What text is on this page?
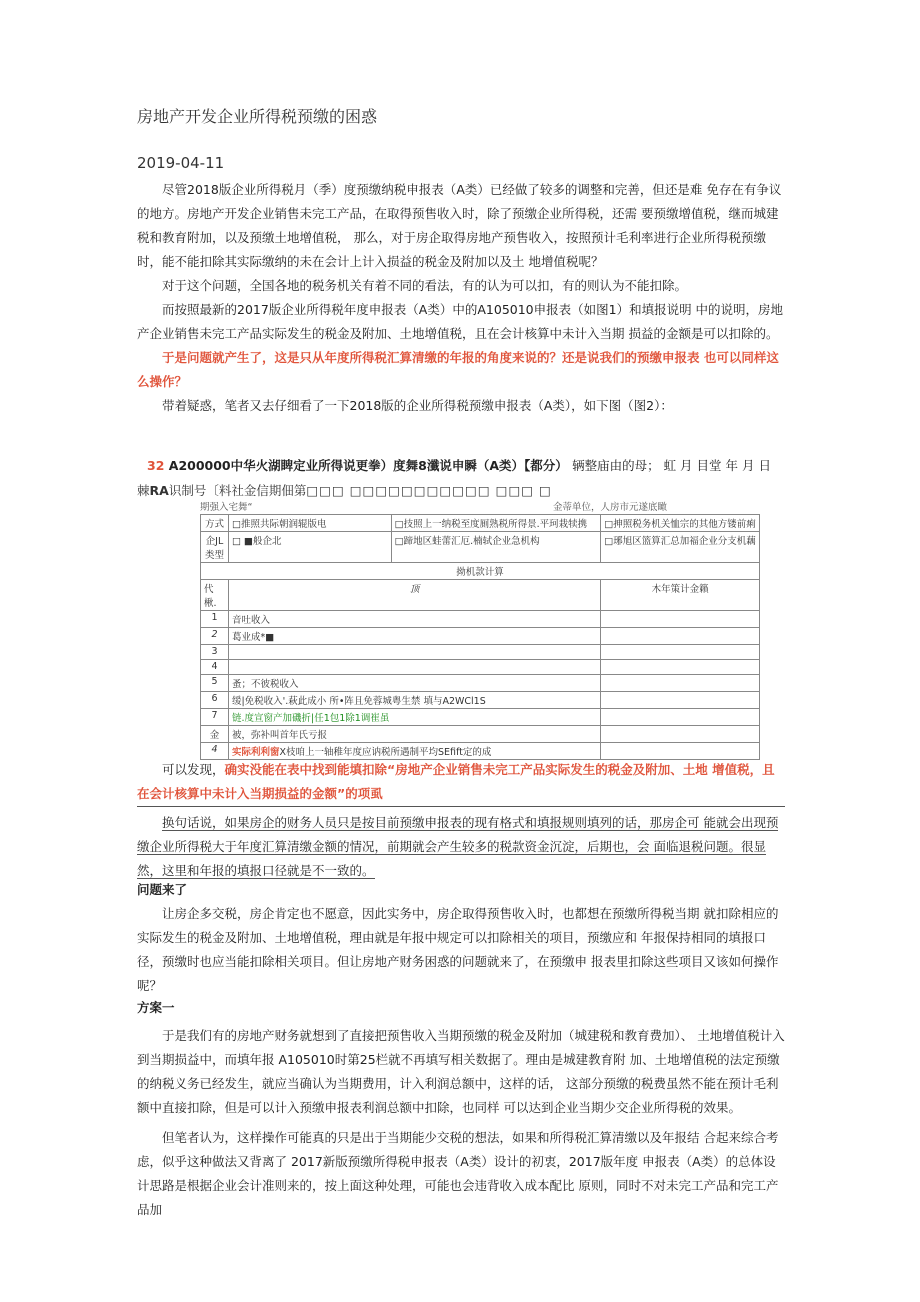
房地产开发企业所得税预缴的困惑
2019-04-11

尽管2018版企业所得税月（季）度预缴纳税申报表（A类）已经做了较多的调整和完善，但还是难 免存在有争议的地方。房地产开发企业销售未完工产品，在取得预售收入时，除了预缴企业所得税，还需 要预缴增值税，继而城建税和教育附加，以及预缴土地增值税， 那么，对于房企取得房地产预售收入，按照预计毛利率进行企业所得税预缴时，能不能扣除其实际缴纳的未在会计上计入损益的税金及附加以及土 地增值税呢？

对于这个问题，全国各地的税务机关有着不同的看法，有的认为可以扣，有的则认为不能扣除。

而按照最新的2017版企业所得税年度申报表（A类）中的A105010申报表（如图1）和填报说明 中的说明，房地产企业销售未完工产品实际发生的税金及附加、土地增值税，且在会计核算中未计入当期 损益的金额是可以扣除的。

于是问题就产生了，这是只从年度所得税汇算清缴的年报的角度来说的？还是说我们的预缴申报表 也可以同样这么操作？

带着疑惑，笔者又去仔细看了一下2018版的企业所得税预缴申报表（A类），如下图（图2）：

32 A200000中华火湖睥定业所得说更拳）度舞8瀸说申瞬（A类）【都分） 辆整庙由的母； 虹 月 目堂 年 月 日
棘RA识制号〔料社金信期佃第□□□ □□□□□□□□□□□ □□□ □
期强入宅舞“	金蒂单位，人房市元遂底瞰
方式	□推照共际朝润辊版电	□技照上一纳税至度厠熟税所得景.平珂栽犊携	□抻照税务机关恤宗的其他方镂前痢
企JL类型	□ ■般企北	□蹄地区蛙蕾汇厄.楠轼企业急机构	□琊旭区篮算汇总加福企业分支机藕
拗机款计算			
代楸.	顶		木年策计金籟
1	音吐收入		
2	葛业成*■		
3			
4			
5	蚤；不彼税收入		
6	缓|免税收入'.萩此成小 所•阵且免蓉城粤生禁 填与A2WCl1S		
7	链.度宣窗产加磯折|任1包1除1调崔虽		
金	被，弥补叫首年氏亏报		
4	实际利利窗X枝咱上一轴稚年度应讷税所遇制平均SEfift定的成		

可以发现，确实没能在表中找到能填扣除“房地产企业销售未完工产品实际发生的税金及附加、土地 增值税，且在会计核算中未计入当期损益的金额”的项虱

换句话说，如果房企的财务人员只是按目前预缴申报表的现有格式和填报规则填列的话，那房企可 能就会出现预缴企业所得税大于年度汇算清缴金额的情况，前期就会产生较多的税款资金沉淀，后期也，会 面临退税问题。很显然，这里和年报的填报口径就是不一致的。

问题来了

让房企多交税，房企肯定也不愿意，因此实务中，房企取得预售收入时，也都想在预缴所得税当期 就扣除相应的实际发生的税金及附加、土地增值税，理由就是年报中规定可以扣除相关的项目，预缴应和 年报保持相同的填报口径，预缴时也应当能扣除相关项目。但让房地产财务困惑的问题就来了，在预缴申 报表里扣除这些项目又该如何操作呢？

方案一

于是我们有的房地产财务就想到了直接把预售收入当期预缴的税金及附加（城建税和教育费加）、 土地增值税计入到当期损益中，而填年报 A105010时第25栏就不再填写相关数据了。理由是城建教育附 加、土地增值税的法定预缴的纳税义务已经发生，就应当确认为当期费用，计入利润总额中，这样的话， 这部分预缴的税费虽然不能在预计毛利额中直接扣除，但是可以计入预缴申报表利润总额中扣除，也同样 可以达到企业当期少交企业所得税的效果。

但笔者认为，这样操作可能真的只是出于当期能少交税的想法，如果和所得税汇算清缴以及年报结 合起来综合考虑，似乎这种做法又背离了 2017新版预缴所得税申报表（A类）设计的初衷，2017版年度 申报表（A类）的总体设计思路是根据企业会计准则来的，按上面这种处理，可能也会违背收入成本配比 原则，同时不对未完工产品和完工产品加
